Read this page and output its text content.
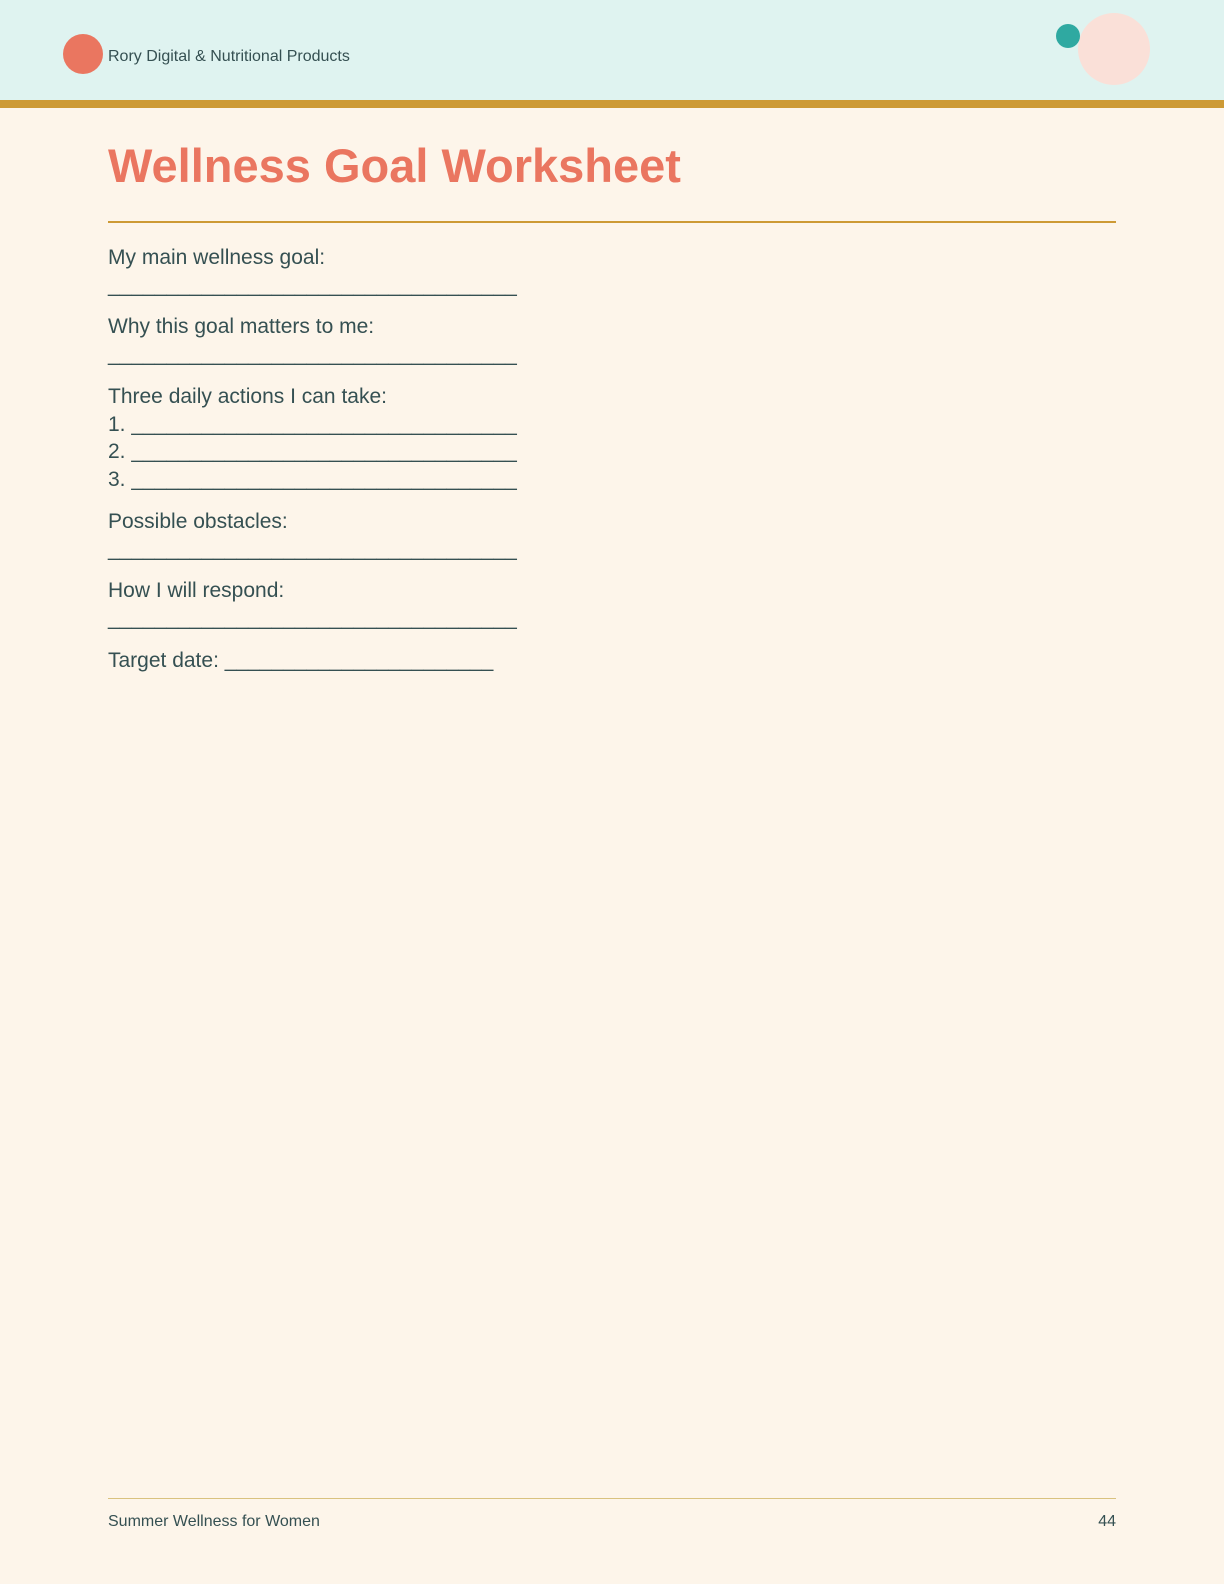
Rory Digital & Nutritional Products
Wellness Goal Worksheet
My main wellness goal:
___________________________________
Why this goal matters to me:
___________________________________
Three daily actions I can take:
1. _________________________________
2. _________________________________
3. _________________________________
Possible obstacles:
___________________________________
How I will respond:
___________________________________
Target date: _______________________
Summer Wellness for Women	44
